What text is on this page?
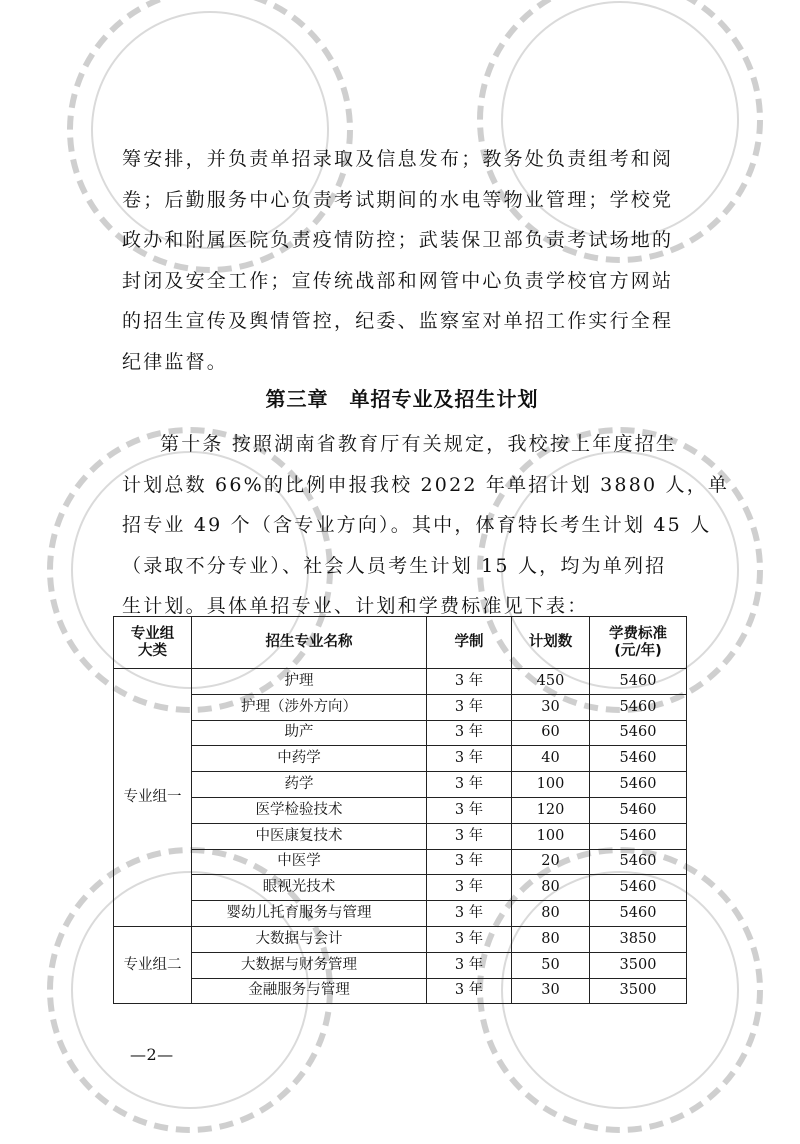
筹安排，并负责单招录取及信息发布；教务处负责组考和阅
卷；后勤服务中心负责考试期间的水电等物业管理；学校党
政办和附属医院负责疫情防控；武装保卫部负责考试场地的
封闭及安全工作；宣传统战部和网管中心负责学校官方网站
的招生宣传及舆情管控，纪委、监察室对单招工作实行全程
纪律监督。

第三章　单招专业及招生计划

第十条 按照湖南省教育厅有关规定，我校按上年度招生
计划总数 66%的比例申报我校 2022 年单招计划 3880 人，单
招专业 49 个（含专业方向）。其中，体育特长考生计划 45 人
（录取不分专业）、社会人员考生计划 15 人，均为单列招
生计划。具体单招专业、计划和学费标准见下表：

专业组
大类	招生专业名称	学制	计划数	学费标准
(元/年)
专业组一	护理	3 年	450	5460
	护理（涉外方向）	3 年	30	5460
	助产	3 年	60	5460
	中药学	3 年	40	5460
	药学	3 年	100	5460
	医学检验技术	3 年	120	5460
	中医康复技术	3 年	100	5460
	中医学	3 年	20	5460
	眼视光技术	3 年	80	5460
	婴幼儿托育服务与管理	3 年	80	5460
专业组二	大数据与会计	3 年	80	3850
	大数据与财务管理	3 年	50	3500
	金融服务与管理	3 年	30	3500
—2—
